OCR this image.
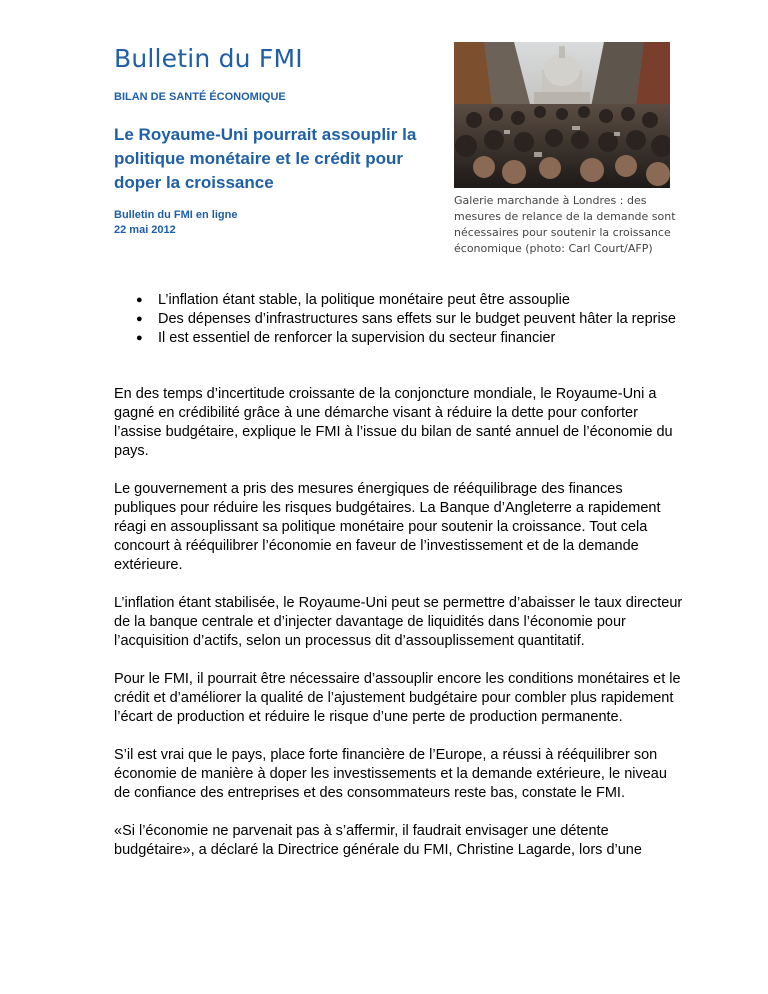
Bulletin du FMI
BILAN DE SANTÉ ÉCONOMIQUE
Le Royaume-Uni pourrait assouplir la politique monétaire et le crédit pour doper la croissance
Bulletin du FMI en ligne
22 mai 2012
Galerie marchande à Londres : des mesures de relance de la demande sont nécessaires pour soutenir la croissance économique (photo: Carl Court/AFP)
● L’inflation étant stable, la politique monétaire peut être assouplie
● Des dépenses d’infrastructures sans effets sur le budget peuvent hâter la reprise
● Il est essentiel de renforcer la supervision du secteur financier

En des temps d’incertitude croissante de la conjoncture mondiale, le Royaume-Uni a gagné en crédibilité grâce à une démarche visant à réduire la dette pour conforter l’assise budgétaire, explique le FMI à l’issue du bilan de santé annuel de l’économie du pays.

Le gouvernement a pris des mesures énergiques de rééquilibrage des finances publiques pour réduire les risques budgétaires. La Banque d’Angleterre a rapidement réagi en assouplissant sa politique monétaire pour soutenir la croissance. Tout cela concourt à rééquilibrer l’économie en faveur de l’investissement et de la demande extérieure.

L’inflation étant stabilisée, le Royaume-Uni peut se permettre d’abaisser le taux directeur de la banque centrale et d’injecter davantage de liquidités dans l’économie pour l’acquisition d’actifs, selon un processus dit d’assouplissement quantitatif.

Pour le FMI, il pourrait être nécessaire d’assouplir encore les conditions monétaires et le crédit et d’améliorer la qualité de l’ajustement budgétaire pour combler plus rapidement l’écart de production et réduire le risque d’une perte de production permanente.

S’il est vrai que le pays, place forte financière de l’Europe, a réussi à rééquilibrer son économie de manière à doper les investissements et la demande extérieure, le niveau de confiance des entreprises et des consommateurs reste bas, constate le FMI.

«Si l’économie ne parvenait pas à s’affermir, il faudrait envisager une détente budgétaire», a déclaré la Directrice générale du FMI, Christine Lagarde, lors d’une
